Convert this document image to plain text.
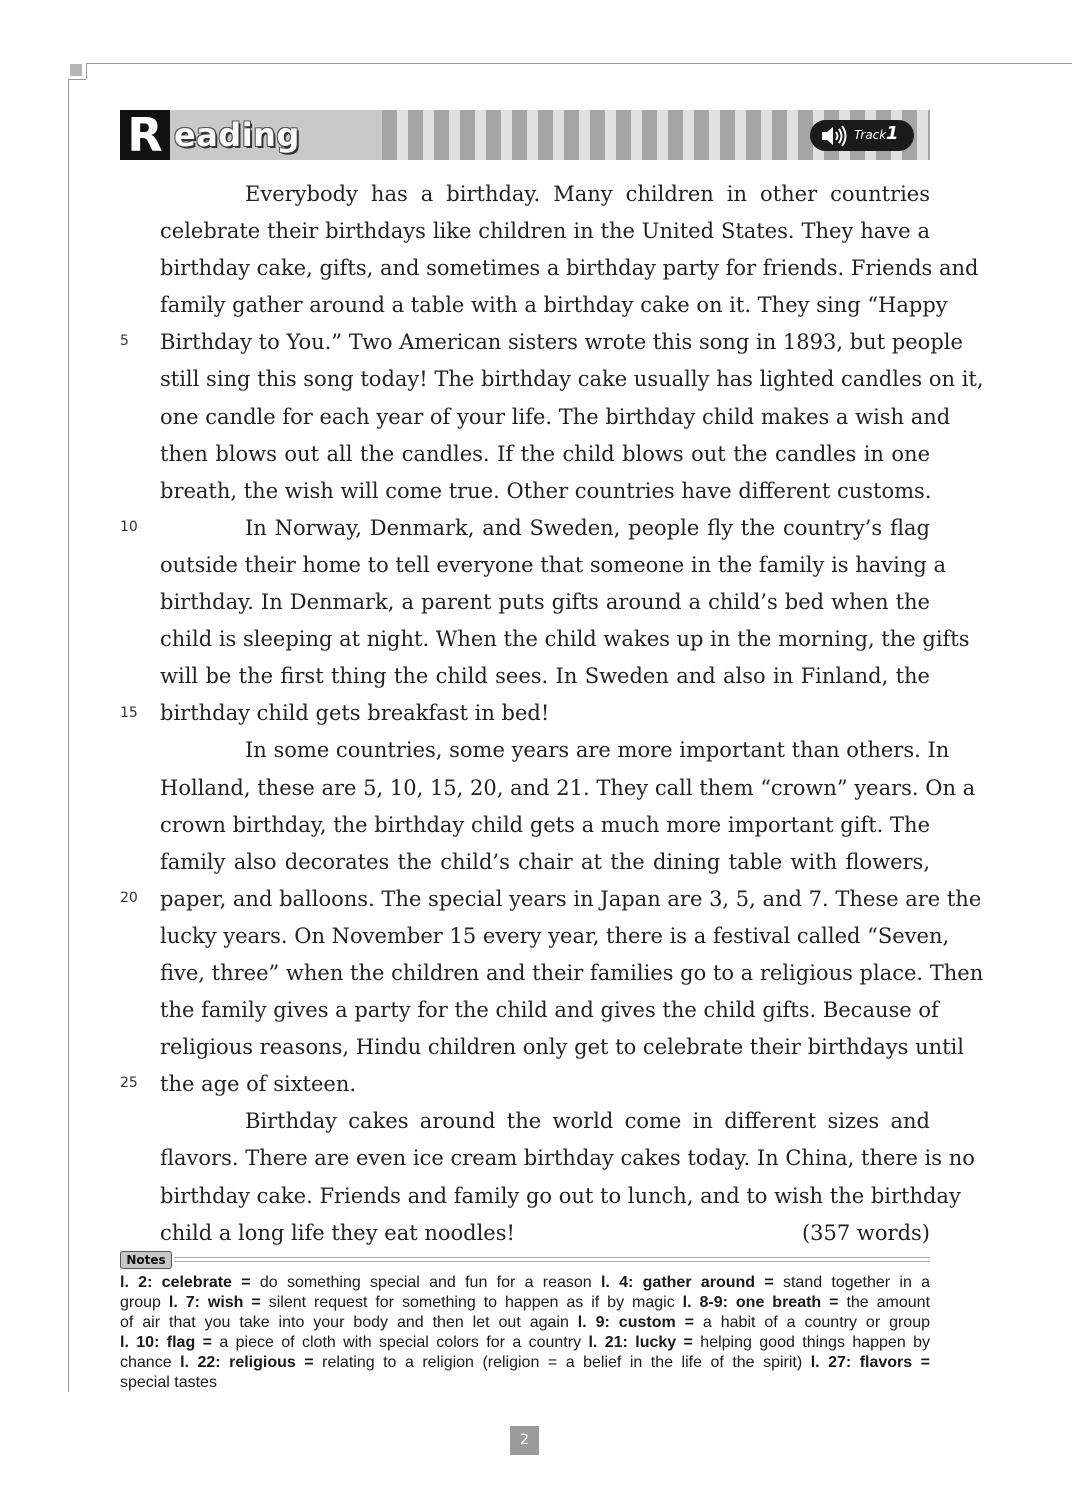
R eading	Track 1
Everybody has a birthday. Many children in other countries
celebrate their birthdays like children in the United States. They have a
birthday cake, gifts, and sometimes a birthday party for friends. Friends and
family gather around a table with a birthday cake on it. They sing “Happy
Birthday to You.” Two American sisters wrote this song in 1893, but people
still sing this song today! The birthday cake usually has lighted candles on it,
one candle for each year of your life. The birthday child makes a wish and
then blows out all the candles. If the child blows out the candles in one
breath, the wish will come true. Other countries have different customs.
In Norway, Denmark, and Sweden, people fly the country’s flag
outside their home to tell everyone that someone in the family is having a
birthday. In Denmark, a parent puts gifts around a child’s bed when the
child is sleeping at night. When the child wakes up in the morning, the gifts
will be the first thing the child sees. In Sweden and also in Finland, the
birthday child gets breakfast in bed!
In some countries, some years are more important than others. In
Holland, these are 5, 10, 15, 20, and 21. They call them “crown” years. On a
crown birthday, the birthday child gets a much more important gift. The
family also decorates the child’s chair at the dining table with flowers,
paper, and balloons. The special years in Japan are 3, 5, and 7. These are the
lucky years. On November 15 every year, there is a festival called “Seven,
five, three” when the children and their families go to a religious place. Then
the family gives a party for the child and gives the child gifts. Because of
religious reasons, Hindu children only get to celebrate their birthdays until
the age of sixteen.
Birthday cakes around the world come in different sizes and
flavors. There are even ice cream birthday cakes today. In China, there is no
birthday cake. Friends and family go out to lunch, and to wish the birthday
child a long life they eat noodles!	(357 words)
5
10
15
20
25
Notes
l. 2: celebrate = do something special and fun for a reason l. 4: gather around = stand together in a
group l. 7: wish = silent request for something to happen as if by magic l. 8-9: one breath = the amount
of air that you take into your body and then let out again l. 9: custom = a habit of a country or group
l. 10: flag = a piece of cloth with special colors for a country l. 21: lucky = helping good things happen by
chance l. 22: religious = relating to a religion (religion = a belief in the life of the spirit) l. 27: flavors =
special tastes
2
